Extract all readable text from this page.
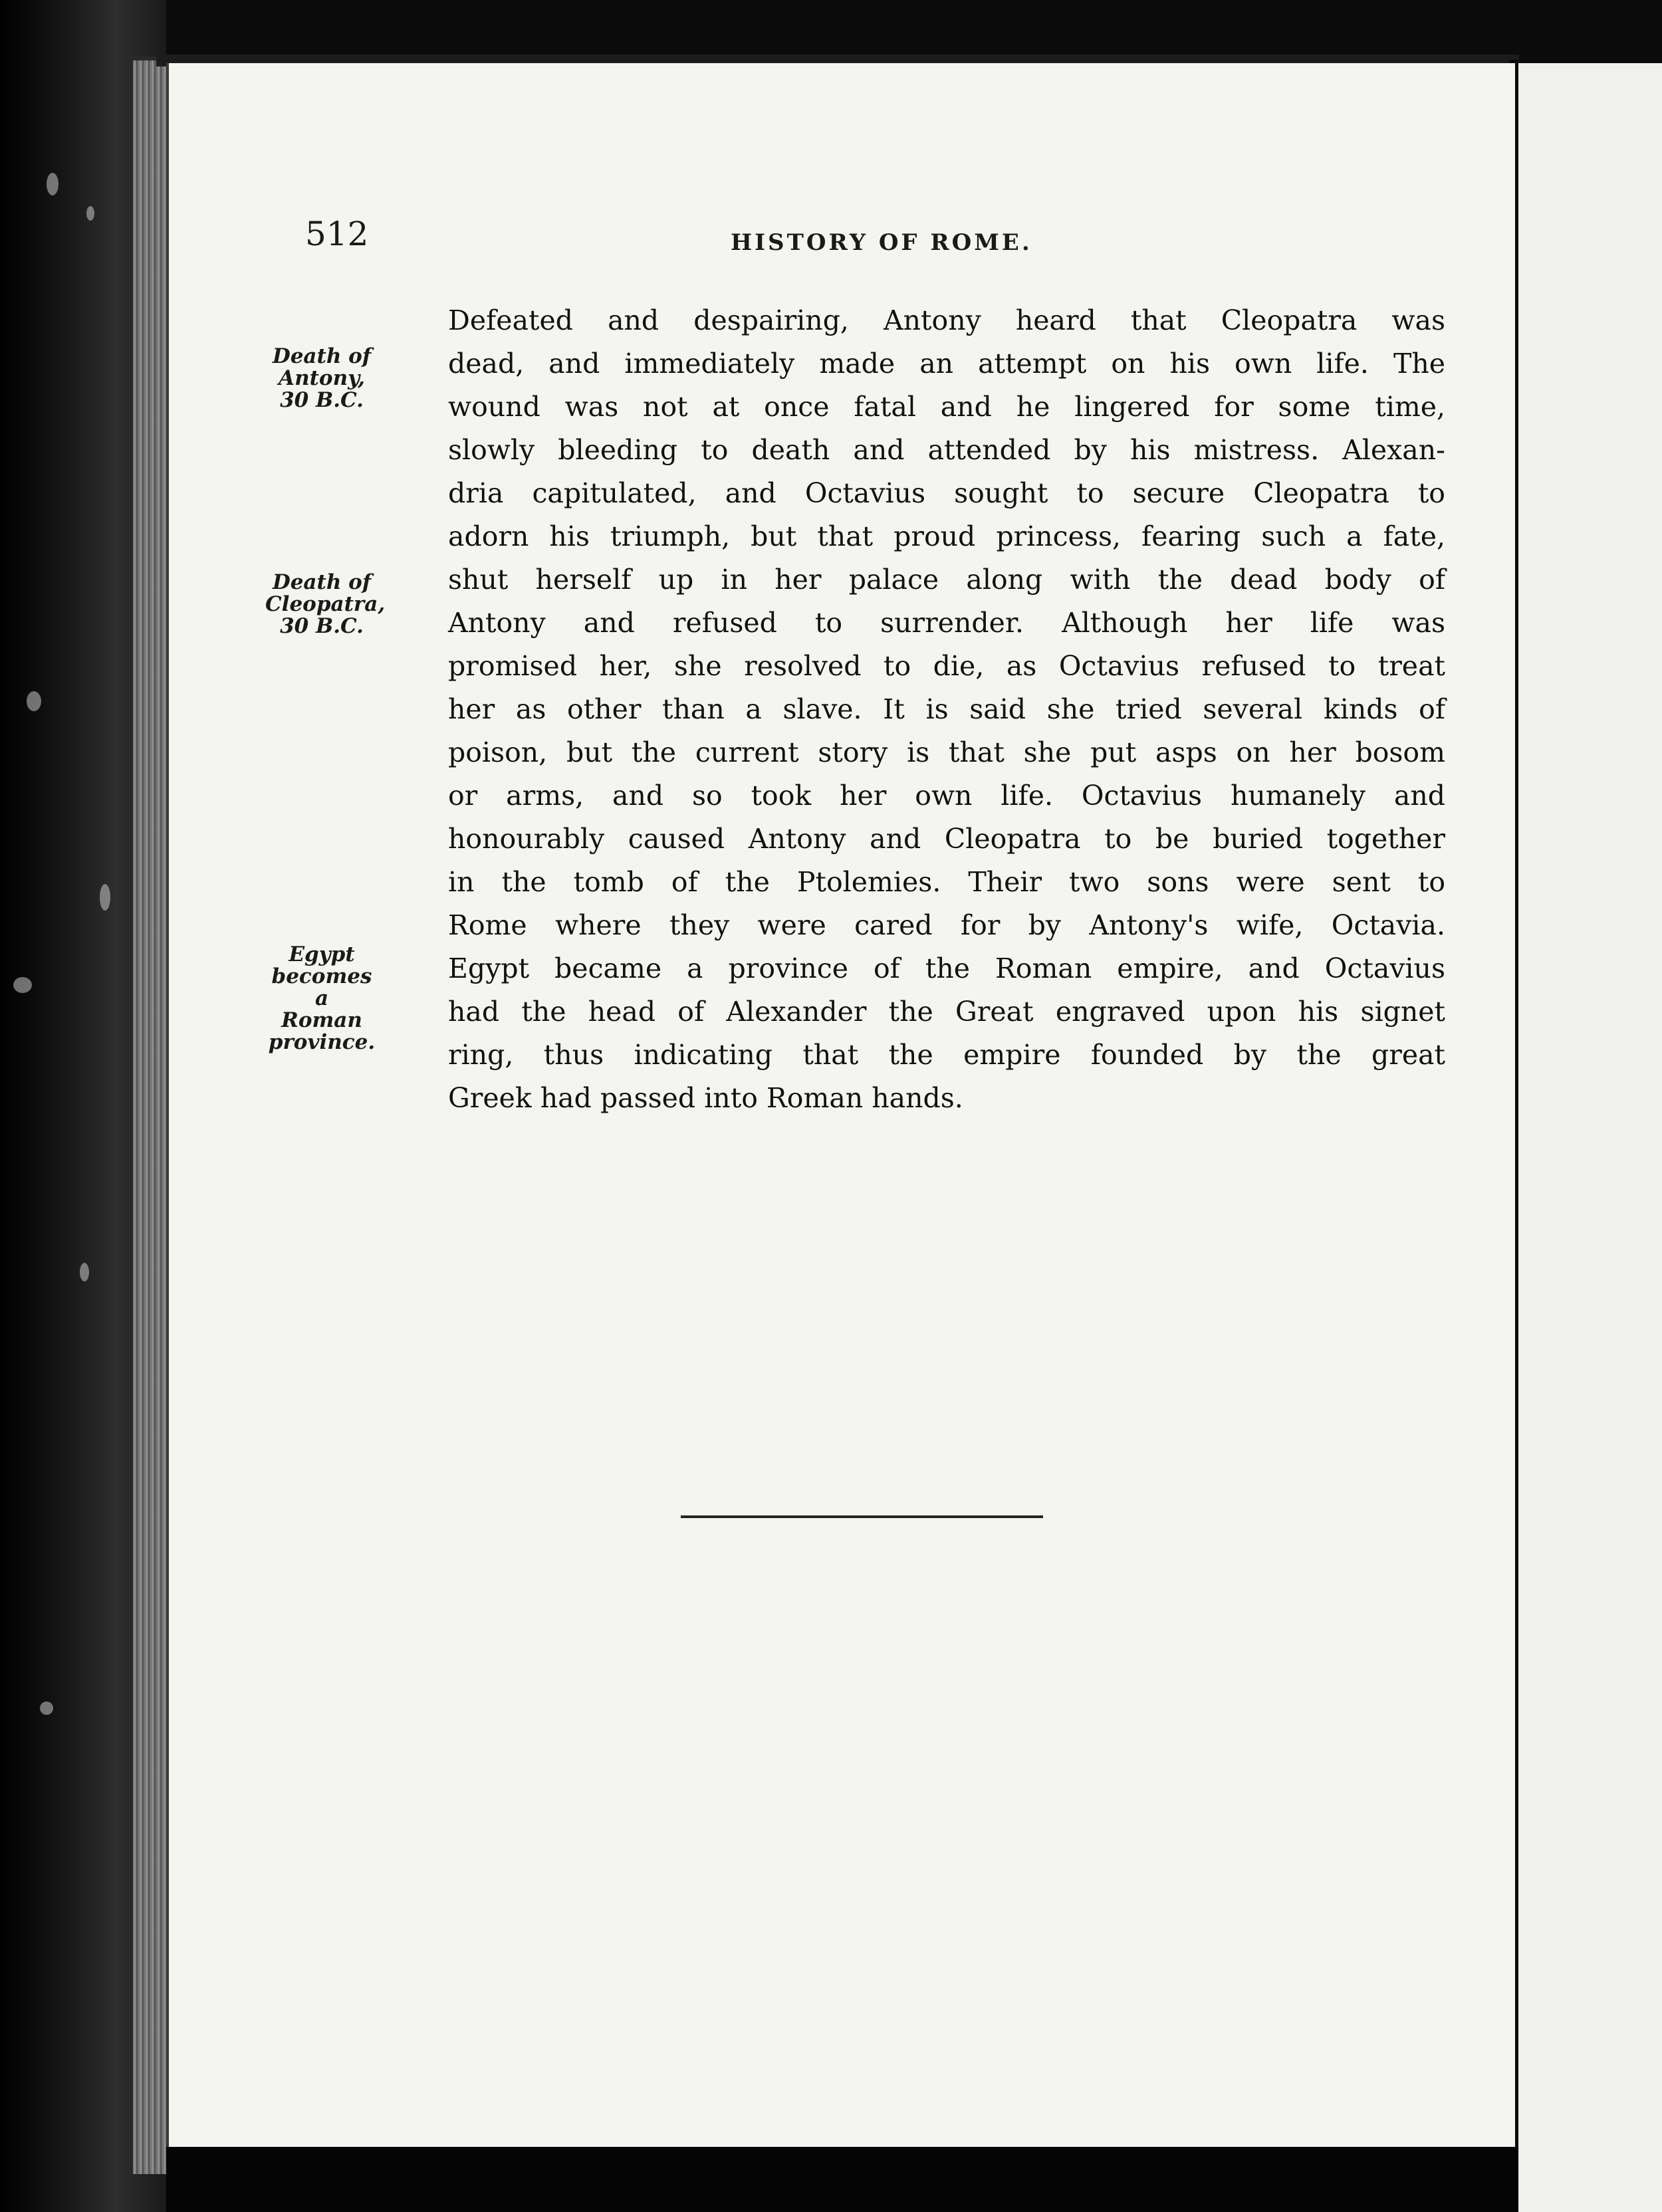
512	HISTORY OF ROME.
Death of
Antony,
30 B.C.
Death of
Cleopatra,
30 B.C.
Egypt
becomes a
Roman
province.
Defeated and despairing, Antony heard that Cleopatra was
dead, and immediately made an attempt on his own life. The
wound was not at once fatal and he lingered for some time,
slowly bleeding to death and attended by his mistress. Alexan-
dria capitulated, and Octavius sought to secure Cleopatra to
adorn his triumph, but that proud princess, fearing such a fate,
shut herself up in her palace along with the dead body of
Antony and refused to surrender. Although her life was
promised her, she resolved to die, as Octavius refused to treat
her as other than a slave. It is said she tried several kinds of
poison, but the current story is that she put asps on her bosom
or arms, and so took her own life. Octavius humanely and
honourably caused Antony and Cleopatra to be buried together
in the tomb of the Ptolemies. Their two sons were sent to
Rome where they were cared for by Antony's wife, Octavia.
Egypt became a province of the Roman empire, and Octavius
had the head of Alexander the Great engraved upon his signet
ring, thus indicating that the empire founded by the great
Greek had passed into Roman hands.
